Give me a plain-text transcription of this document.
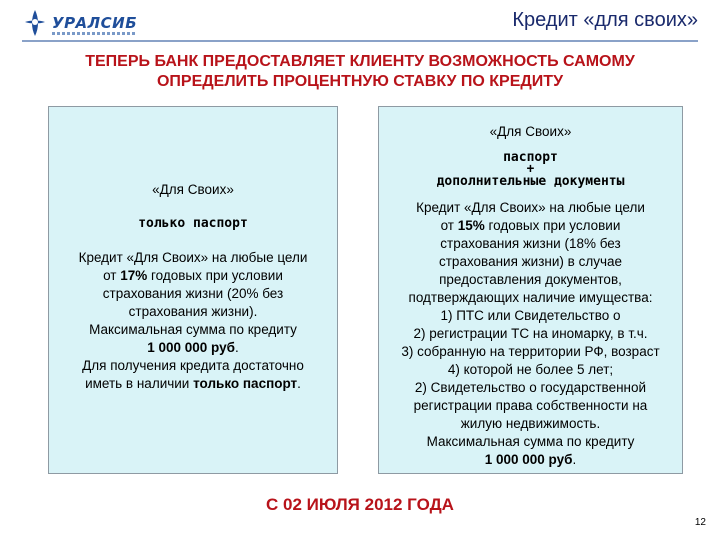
УРАЛСИБ	Кредит «для своих»
ТЕПЕРЬ БАНК ПРЕДОСТАВЛЯЕТ КЛИЕНТУ ВОЗМОЖНОСТЬ САМОМУ
ОПРЕДЕЛИТЬ ПРОЦЕНТНУЮ СТАВКУ ПО КРЕДИТУ
«Для Своих»
только паспорт
Кредит «Для Своих» на любые цели
от 17% годовых при условии
страхования жизни (20% без
страхования жизни).
Максимальная сумма по кредиту
1 000 000 руб.
Для получения кредита достаточно
иметь в наличии только паспорт.
«Для Своих»
паспорт
+
дополнительные документы
Кредит «Для Своих» на любые цели
от 15% годовых при условии
страхования жизни (18% без
страхования жизни) в случае
предоставления документов,
подтверждающих наличие имущества:
1) ПТС или Свидетельство о
2) регистрации ТС на иномарку, в т.ч.
3) собранную на территории РФ, возраст
4) которой не более 5 лет;
2) Свидетельство о государственной
регистрации права собственности на
жилую недвижимость.
Максимальная сумма по кредиту
1 000 000 руб.
С 02 ИЮЛЯ 2012 ГОДА
12
